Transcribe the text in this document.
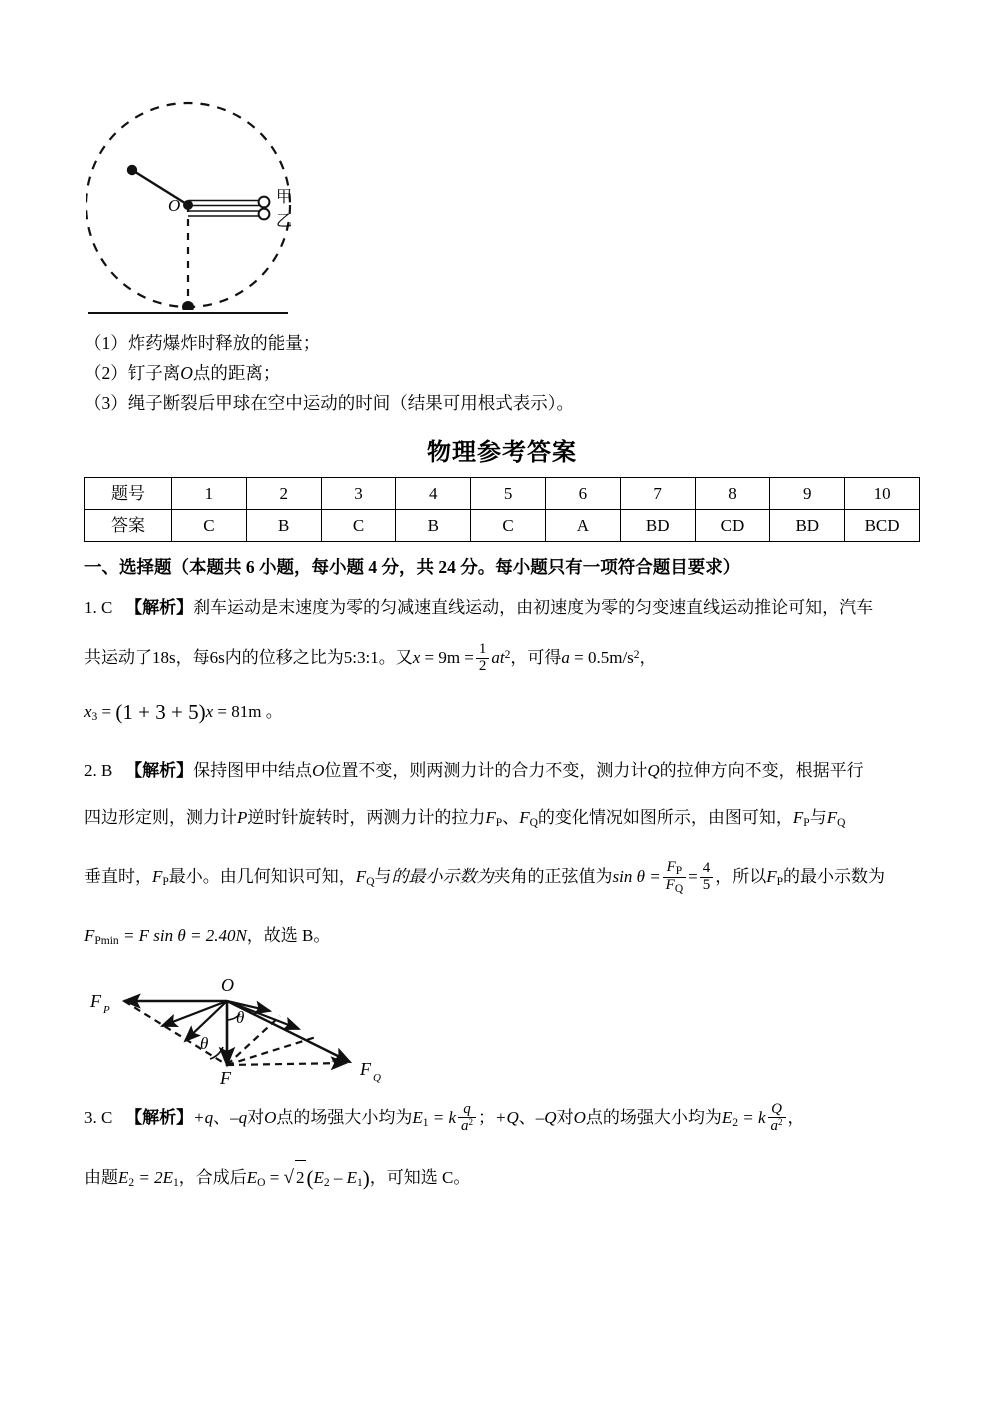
O	甲
乙
（1）炸药爆炸时释放的能量；
（2）钉子离O点的距离；
（3）绳子断裂后甲球在空中运动的时间（结果可用根式表示）。
物理参考答案
题号	1	2	3	4	5	6	7	8	9	10
答案	C	B	C	B	C	A	BD	CD	BD	BCD
一、选择题（本题共 6 小题，每小题 4 分，共 24 分。每小题只有一项符合题目要求）
1. C 【解析】刹车运动是末速度为零的匀减速直线运动，由初速度为零的匀变速直线运动推论可知，汽车
共运动了18s，每6s内的位移之比为5:3:1。又$x = 9m = \frac{1}{2} at^2$，可得$a = 0.5m/s^2$，
$x_3 = (1 + 3 + 5)x = 81m$ 。
2. B 【解析】保持图甲中结点O位置不变，则两测力计的合力不变，测力计Q的拉伸方向不变，根据平行
四边形定则，测力计P逆时针旋转时，两测力计的拉力$F_P$、$F_Q$的变化情况如图所示，由图可知，$F_P$与$F_Q$
垂直时，$F_P$最小。由几何知识可知，$F_Q$与的最小示数为夹角的正弦值为$\sin \theta = \frac{F_P}{F_Q} = \frac{4}{5}$ ，所以$F_P$的最小示数为
$F_{Pmin} = F$ sin θ = 2.40N，故选 B。
O
F
F P
F Q
θ
θ
3. C 【解析】+q、–q对O点的场强大小均为$E_1 = k \frac{q}{a^2}$ ；+Q、–Q对O点的场强大小均为$E_2 = k \frac{Q}{a^2}$ ，
由题$E_2 = 2E_1$，合成后$E_O$ = √ $2(E_2 - E_1)$，可知选 C。
